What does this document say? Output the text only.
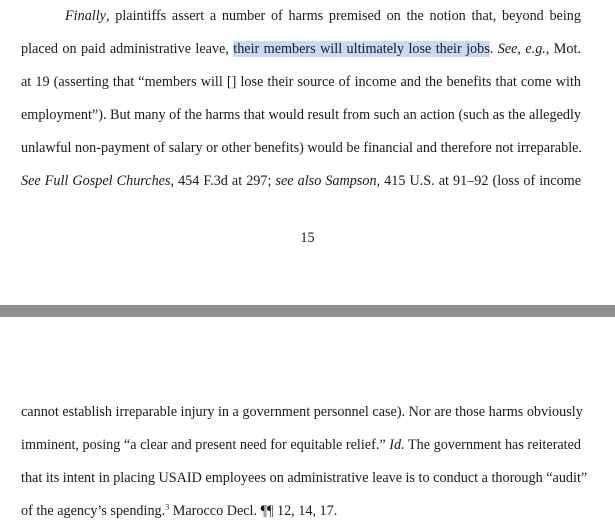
Finally, plaintiffs assert a number of harms premised on the notion that, beyond being
placed on paid administrative leave, their members will ultimately lose their jobs. See, e.g., Mot.
at 19 (asserting that “members will [] lose their source of income and the benefits that come with
employment”). But many of the harms that would result from such an action (such as the allegedly
unlawful non-payment of salary or other benefits) would be financial and therefore not irreparable.
See Full Gospel Churches, 454 F.3d at 297; see also Sampson, 415 U.S. at 91–92 (loss of income
15
cannot establish irreparable injury in a government personnel case). Nor are those harms obviously
imminent, posing “a clear and present need for equitable relief.” Id. The government has reiterated
that its intent in placing USAID employees on administrative leave is to conduct a thorough “audit”
of the agency’s spending.$^3$ Marocco Decl. ¶¶ 12, 14, 17.
